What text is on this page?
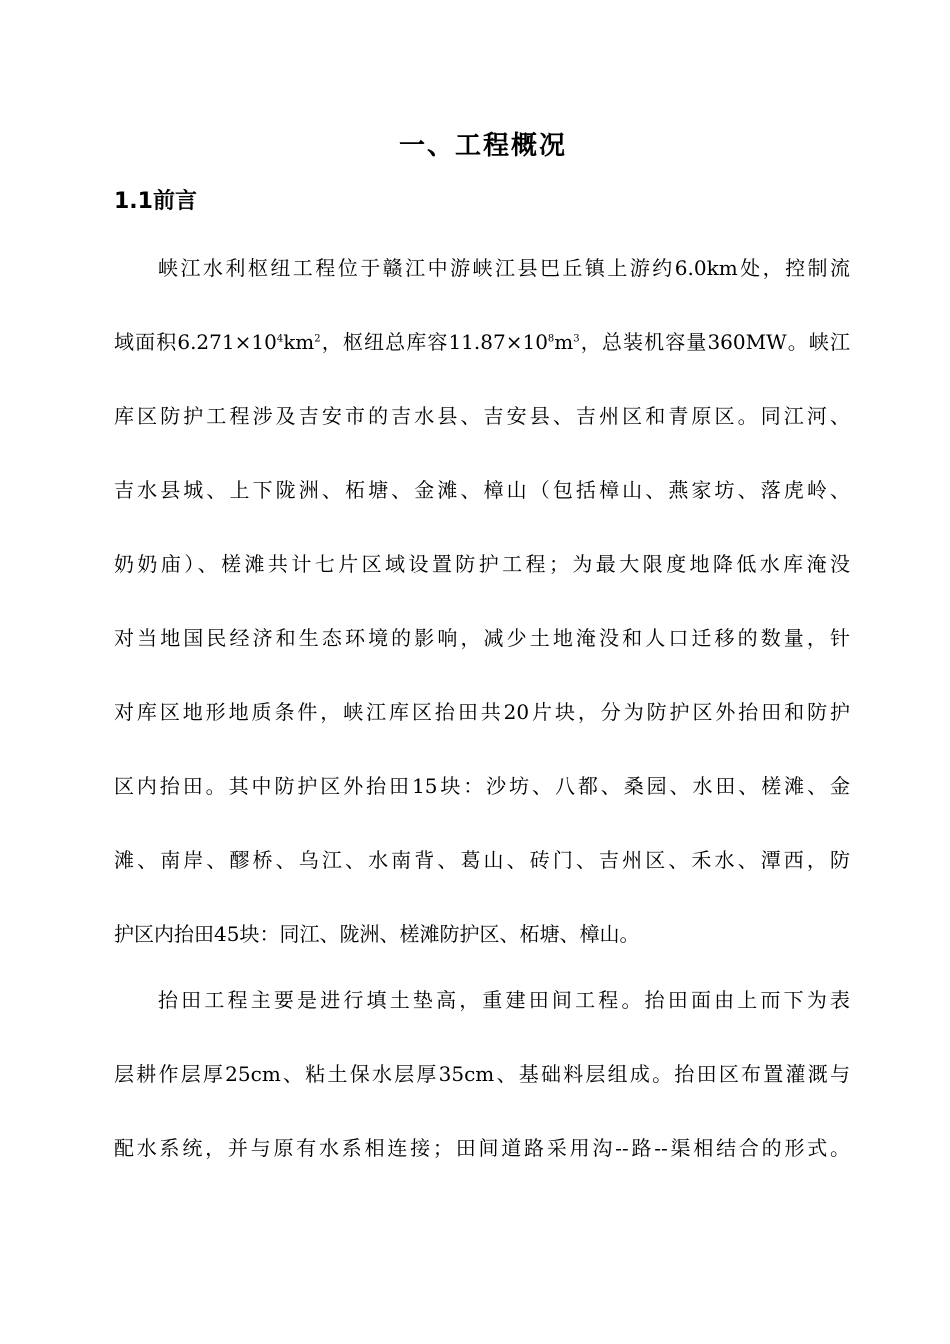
一、工程概况
1.1前言

峡江水利枢纽工程位于赣江中游峡江县巴丘镇上游约6.0km处，控制流

域面积$6.271\times 10^4km^2$，枢纽总库容$11.87\times 10^8m^3$，总装机容量360MW。峡江

库区防护工程涉及吉安市的吉水县、吉安县、吉州区和青原区。同江河、

吉水县城、上下陇洲、柘塘、金滩、樟山（包括樟山、燕家坊、落虎岭、

奶奶庙）、槎滩共计七片区域设置防护工程；为最大限度地降低水库淹没

对当地国民经济和生态环境的影响，减少土地淹没和人口迁移的数量，针

对库区地形地质条件，峡江库区抬田共20片块，分为防护区外抬田和防护

区内抬田。其中防护区外抬田15块：沙坊、八都、桑园、水田、槎滩、金

滩、南岸、醪桥、乌江、水南背、葛山、砖门、吉州区、禾水、潭西，防

护区内抬田45块：同江、陇洲、槎滩防护区、柘塘、樟山。

抬田工程主要是进行填土垫高，重建田间工程。抬田面由上而下为表

层耕作层厚25cm、粘土保水层厚35cm、基础料层组成。抬田区布置灌溉与

配水系统，并与原有水系相连接；田间道路采用沟--路--渠相结合的形式。
